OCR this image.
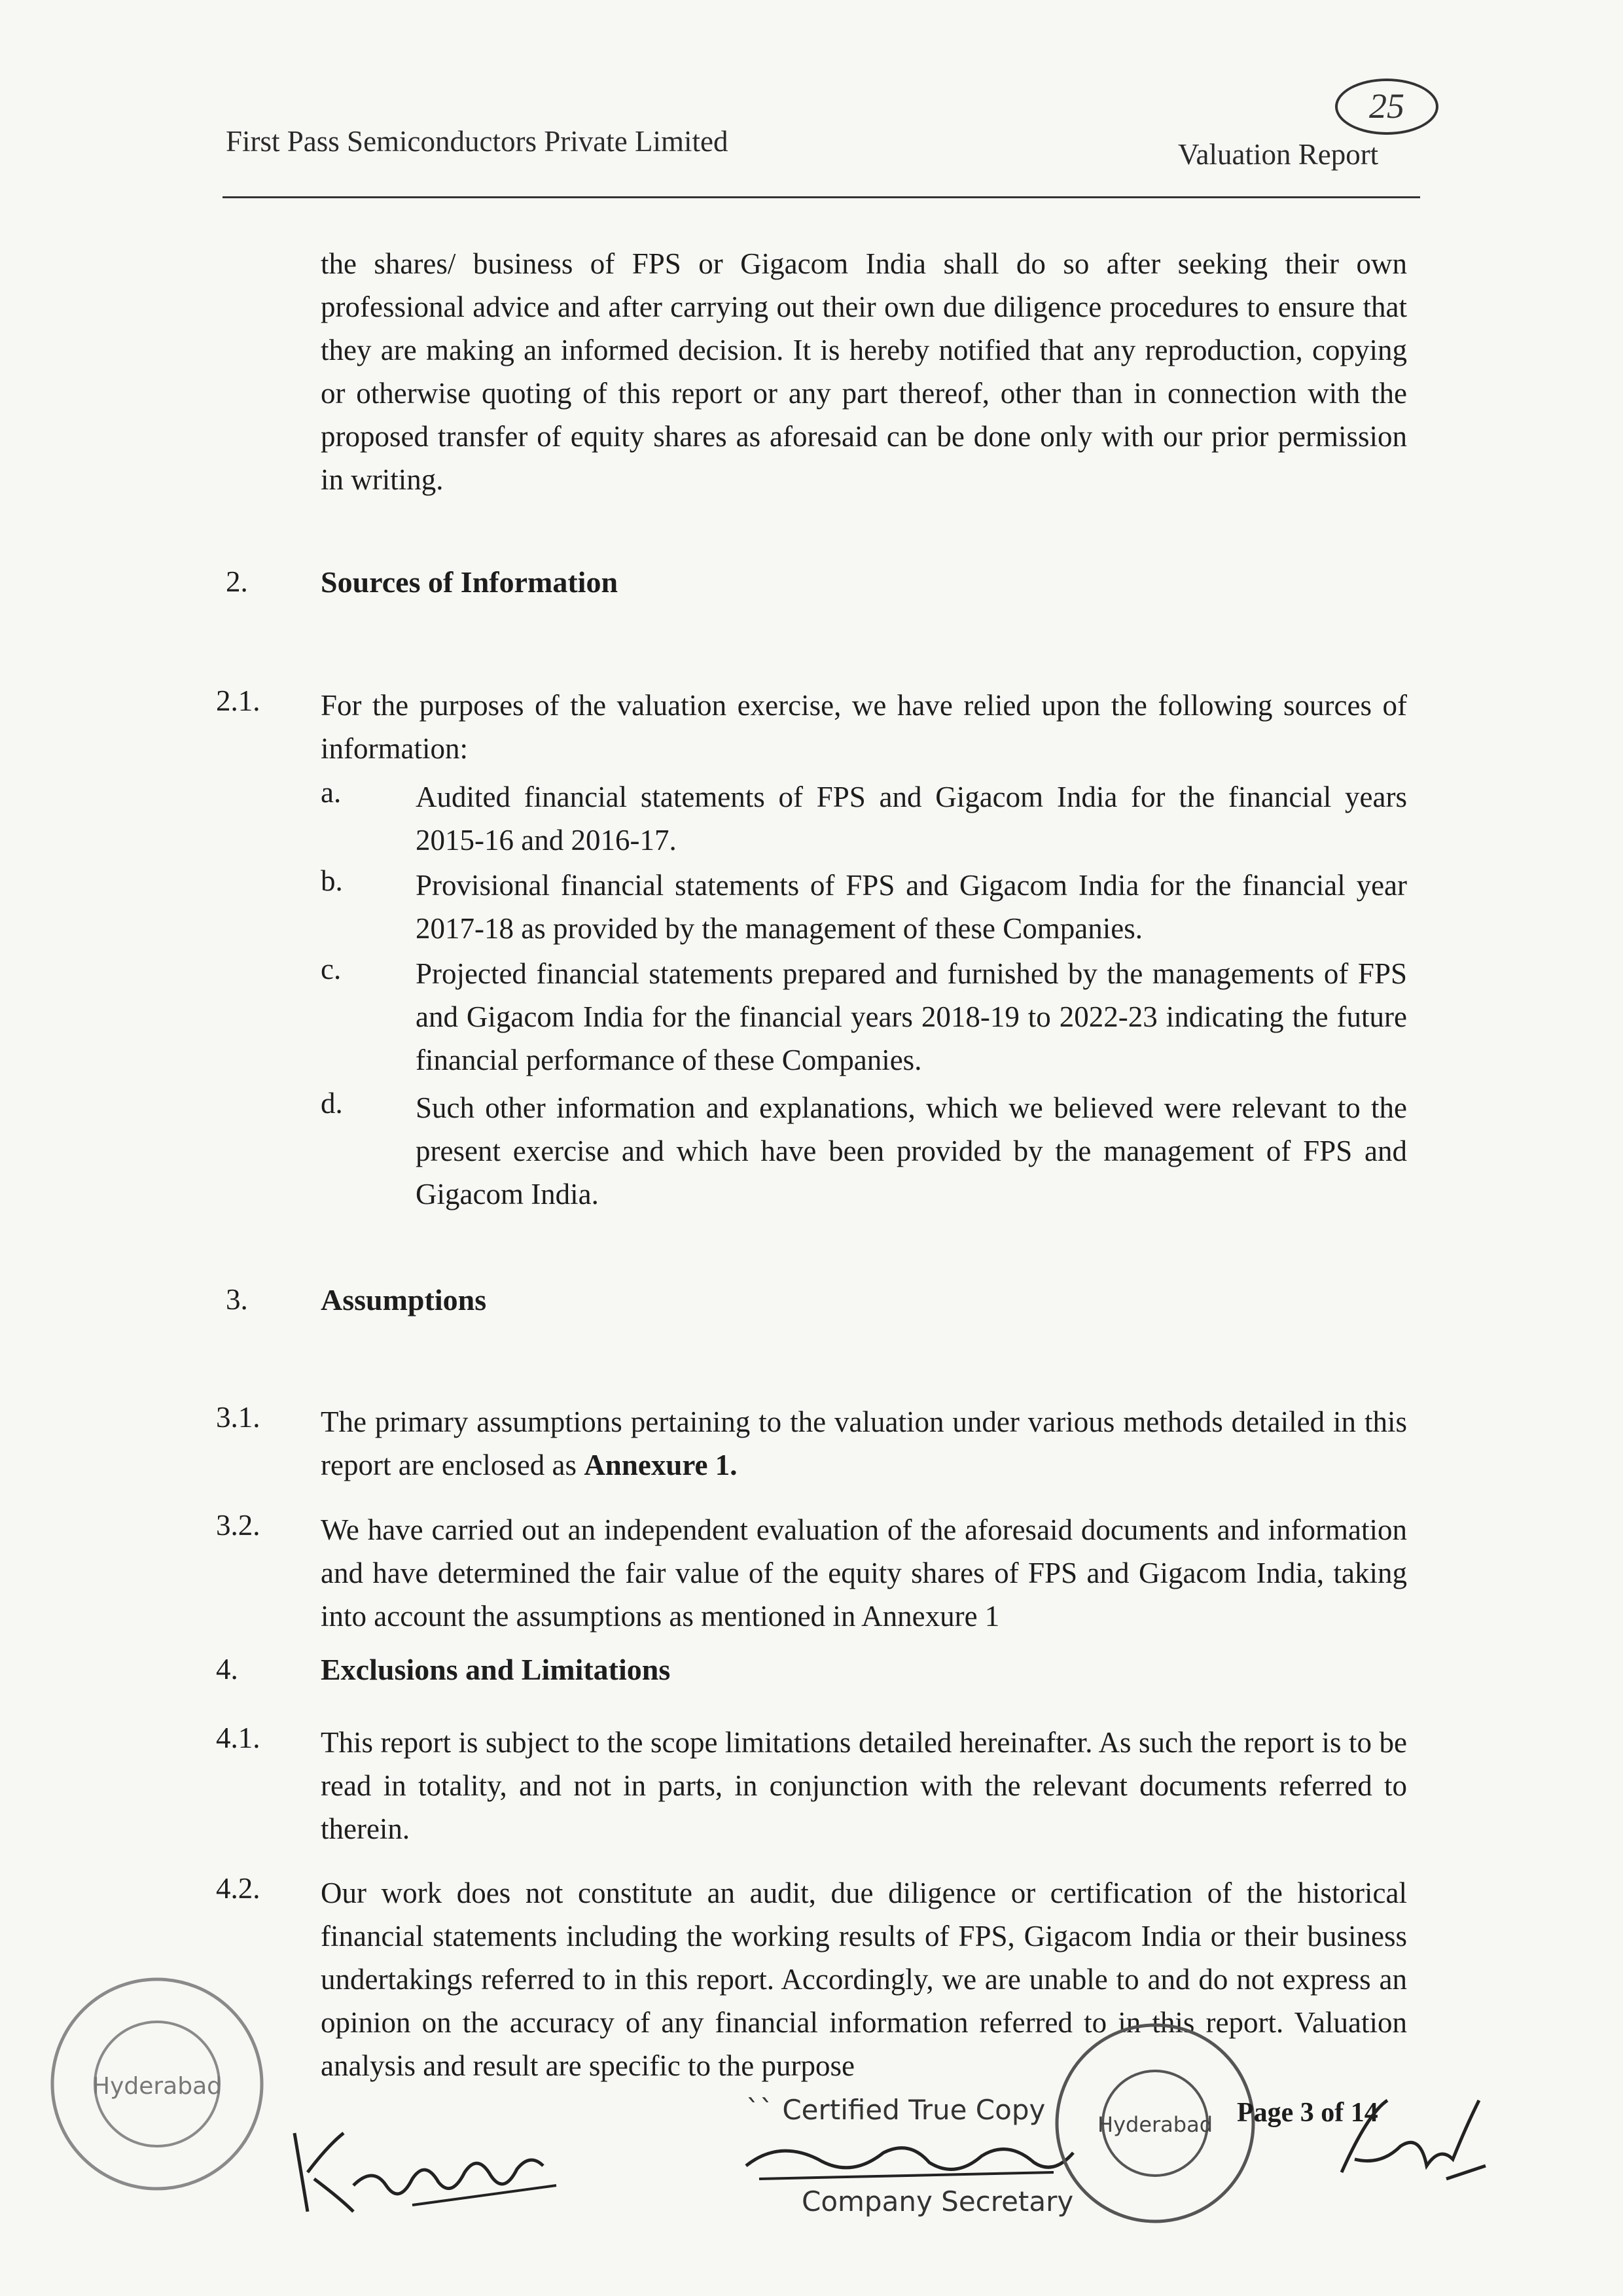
First Pass Semiconductors Private Limited	Valuation Report
25
the shares/ business of FPS or Gigacom India shall do so after seeking their own professional advice and after carrying out their own due diligence procedures to ensure that they are making an informed decision. It is hereby notified that any reproduction, copying or otherwise quoting of this report or any part thereof, other than in connection with the proposed transfer of equity shares as aforesaid can be done only with our prior permission in writing.
2. Sources of Information
2.1. For the purposes of the valuation exercise, we have relied upon the following sources of information:
a.	Audited financial statements of FPS and Gigacom India for the financial years 2015-16 and 2016-17.
b. Provisional financial statements of FPS and Gigacom India for the financial year 2017-18 as provided by the management of these Companies.
c.	Projected financial statements prepared and furnished by the managements of FPS and Gigacom India for the financial years 2018-19 to 2022-23 indicating the future financial performance of these Companies.
d. Such other information and explanations, which we believed were relevant to the present exercise and which have been provided by the management of FPS and Gigacom India.
3. Assumptions
3.1. The primary assumptions pertaining to the valuation under various methods detailed in this report are enclosed as Annexure 1.
3.2. We have carried out an independent evaluation of the aforesaid documents and information and have determined the fair value of the equity shares of FPS and Gigacom India, taking into account the assumptions as mentioned in Annexure 1
4.	Exclusions and Limitations
4.1. This report is subject to the scope limitations detailed hereinafter. As such the report is to be read in totality, and not in parts, in conjunction with the relevant documents referred to therein.
4.2. Our work does not constitute an audit, due diligence or certification of the historical financial statements including the working results of FPS, Gigacom India or their business undertakings referred to in this report. Accordingly, we are unable to and do not express an opinion on the accuracy of any financial information referred to in this report. Valuation analysis and result are specific to the purpose
Hyderabad
`` Certified True Copy
Company Secretary
Hyderabad Page 3 of 14
